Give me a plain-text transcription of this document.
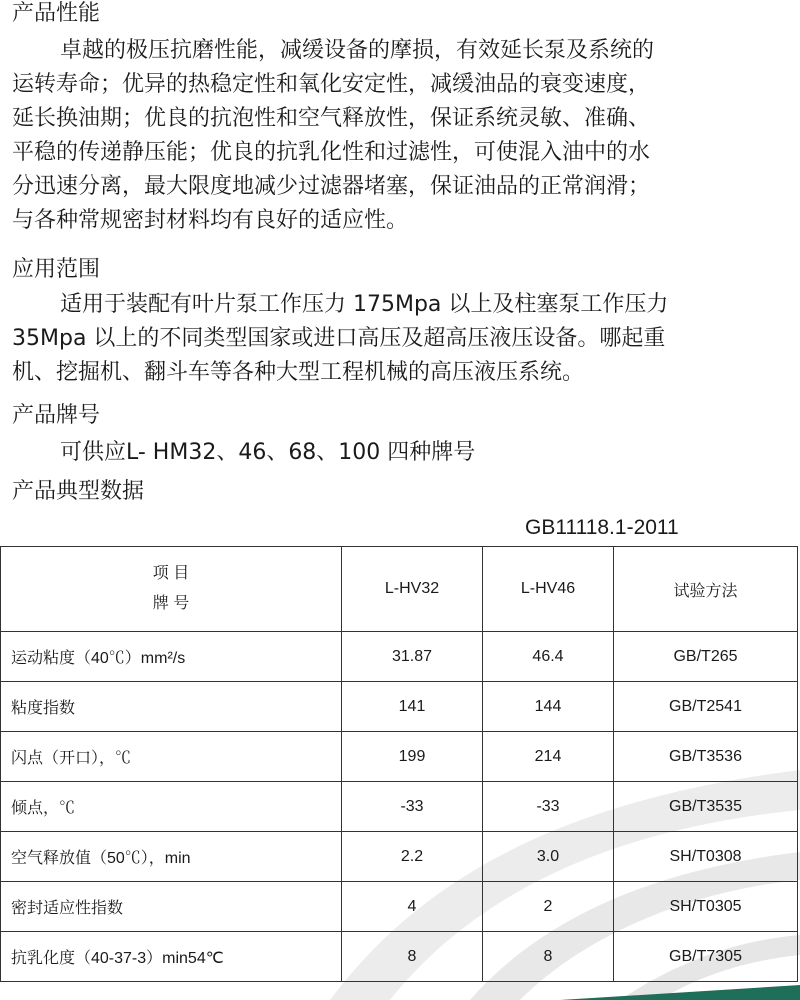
产品性能
卓越的极压抗磨性能，减缓设备的摩损，有效延长泵及系统的
运转寿命；优异的热稳定性和氧化安定性，减缓油品的衰变速度，
延长换油期；优良的抗泡性和空气释放性，保证系统灵敏、准确、
平稳的传递静压能；优良的抗乳化性和过滤性，可使混入油中的水
分迅速分离，最大限度地减少过滤器堵塞，保证油品的正常润滑；
与各种常规密封材料均有良好的适应性。
应用范围
适用于装配有叶片泵工作压力 175Mpa 以上及柱塞泵工作压力
35Mpa 以上的不同类型国家或进口高压及超高压液压设备。哪起重
机、挖掘机、翻斗车等各种大型工程机械的高压液压系统。
产品牌号
可供应L- HM32、46、68、100 四种牌号
产品典型数据
GB11118.1-2011
项 目
牌 号	L-HV32	L-HV46	试验方法
运动粘度（40℃）mm²/s	31.87	46.4	GB/T265
粘度指数	141	144	GB/T2541
闪点（开口），℃	199	214	GB/T3536
倾点，℃	-33	-33	GB/T3535
空气释放值（50℃），min	2.2	3.0	SH/T0308
密封适应性指数	4	2	SH/T0305
抗乳化度（40-37-3）min54℃	8	8	GB/T7305
